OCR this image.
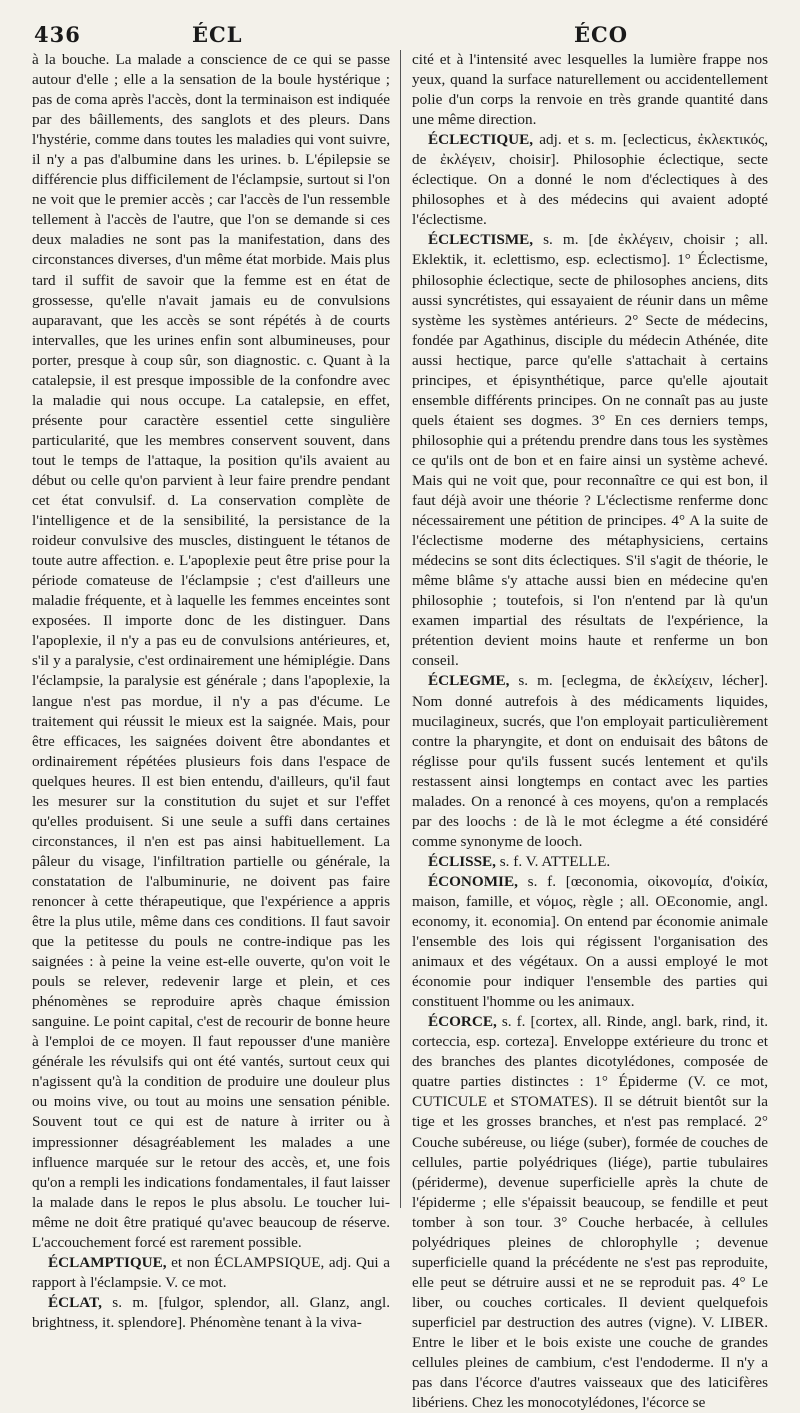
436	ÉCL	ÉCO

à la bouche. La malade a conscience de ce qui se passe autour d'elle ; elle a la sensation de la boule hystérique ; pas de coma après l'accès, dont la terminaison est indiquée par des bâillements, des sanglots et des pleurs. Dans l'hystérie, comme dans toutes les maladies qui vont suivre, il n'y a pas d'albumine dans les urines. b. L'épilepsie se différencie plus difficilement de l'éclampsie, surtout si l'on ne voit que le premier accès ; car l'accès de l'un ressemble tellement à l'accès de l'autre, que l'on se demande si ces deux maladies ne sont pas la manifestation, dans des circonstances diverses, d'un même état morbide. Mais plus tard il suffit de savoir que la femme est en état de grossesse, qu'elle n'avait jamais eu de convulsions auparavant, que les accès se sont répétés à de courts intervalles, que les urines enfin sont albumineuses, pour porter, presque à coup sûr, son diagnostic. c. Quant à la catalepsie, il est presque impossible de la confondre avec la maladie qui nous occupe. La catalepsie, en effet, présente pour caractère essentiel cette singulière particularité, que les membres conservent souvent, dans tout le temps de l'attaque, la position qu'ils avaient au début ou celle qu'on parvient à leur faire prendre pendant cet état convulsif. d. La conservation complète de l'intelligence et de la sensibilité, la persistance de la roideur convulsive des muscles, distinguent le tétanos de toute autre affection. e. L'apoplexie peut être prise pour la période comateuse de l'éclampsie ; c'est d'ailleurs une maladie fréquente, et à laquelle les femmes enceintes sont exposées. Il importe donc de les distinguer. Dans l'apoplexie, il n'y a pas eu de convulsions antérieures, et, s'il y a paralysie, c'est ordinairement une hémiplégie. Dans l'éclampsie, la paralysie est générale ; dans l'apoplexie, la langue n'est pas mordue, il n'y a pas d'écume. Le traitement qui réussit le mieux est la saignée. Mais, pour être efficaces, les saignées doivent être abondantes et ordinairement répétées plusieurs fois dans l'espace de quelques heures. Il est bien entendu, d'ailleurs, qu'il faut les mesurer sur la constitution du sujet et sur l'effet qu'elles produisent. Si une seule a suffi dans certaines circonstances, il n'en est pas ainsi habituellement. La pâleur du visage, l'infiltration partielle ou générale, la constatation de l'albuminurie, ne doivent pas faire renoncer à cette thérapeutique, que l'expérience a appris être la plus utile, même dans ces conditions. Il faut savoir que la petitesse du pouls ne contre-indique pas les saignées : à peine la veine est-elle ouverte, qu'on voit le pouls se relever, redevenir large et plein, et ces phénomènes se reproduire après chaque émission sanguine. Le point capital, c'est de recourir de bonne heure à l'emploi de ce moyen. Il faut repousser d'une manière générale les révulsifs qui ont été vantés, surtout ceux qui n'agissent qu'à la condition de produire une douleur plus ou moins vive, ou tout au moins une sensation pénible. Souvent tout ce qui est de nature à irriter ou à impressionner désagréablement les malades a une influence marquée sur le retour des accès, et, une fois qu'on a rempli les indications fondamentales, il faut laisser la malade dans le repos le plus absolu. Le toucher lui-même ne doit être pratiqué qu'avec beaucoup de réserve. L'accouchement forcé est rarement possible.

ÉCLAMPTIQUE, et non ÉCLAMPSIQUE, adj. Qui a rapport à l'éclampsie. V. ce mot.

ÉCLAT, s. m. [fulgor, splendor, all. Glanz, angl. brightness, it. splendore]. Phénomène tenant à la viva-

cité et à l'intensité avec lesquelles la lumière frappe nos yeux, quand la surface naturellement ou accidentellement polie d'un corps la renvoie en très grande quantité dans une même direction.

ÉCLECTIQUE, adj. et s. m. [eclecticus, ἐκλεκτικός, de ἐκλέγειν, choisir]. Philosophie éclectique, secte éclectique. On a donné le nom d'éclectiques à des philosophes et à des médecins qui avaient adopté l'éclectisme.

ÉCLECTISME, s. m. [de ἐκλέγειν, choisir ; all. Eklektik, it. eclettismo, esp. eclectismo]. 1° Éclectisme, philosophie éclectique, secte de philosophes anciens, dits aussi syncrétistes, qui essayaient de réunir dans un même système les systèmes antérieurs. 2° Secte de médecins, fondée par Agathinus, disciple du médecin Athénée, dite aussi hectique, parce qu'elle s'attachait à certains principes, et épisynthétique, parce qu'elle ajoutait ensemble différents principes. On ne connaît pas au juste quels étaient ses dogmes. 3° En ces derniers temps, philosophie qui a prétendu prendre dans tous les systèmes ce qu'ils ont de bon et en faire ainsi un système achevé. Mais qui ne voit que, pour reconnaître ce qui est bon, il faut déjà avoir une théorie ? L'éclectisme renferme donc nécessairement une pétition de principes. 4° A la suite de l'éclectisme moderne des métaphysiciens, certains médecins se sont dits éclectiques. S'il s'agit de théorie, le même blâme s'y attache aussi bien en médecine qu'en philosophie ; toutefois, si l'on n'entend par là qu'un examen impartial des résultats de l'expérience, la prétention devient moins haute et renferme un bon conseil.

ÉCLEGME, s. m. [eclegma, de ἐκλείχειν, lécher]. Nom donné autrefois à des médicaments liquides, mucilagineux, sucrés, que l'on employait particulièrement contre la pharyngite, et dont on enduisait des bâtons de réglisse pour qu'ils fussent sucés lentement et qu'ils restassent ainsi longtemps en contact avec les parties malades. On a renoncé à ces moyens, qu'on a remplacés par des loochs : de là le mot éclegme a été considéré comme synonyme de looch.

ÉCLISSE, s. f. V. ATTELLE.

ÉCONOMIE, s. f. [œconomia, οἰκονομία, d'οἰκία, maison, famille, et νόμος, règle ; all. OEconomie, angl. economy, it. economia]. On entend par économie animale l'ensemble des lois qui régissent l'organisation des animaux et des végétaux. On a aussi employé le mot économie pour indiquer l'ensemble des parties qui constituent l'homme ou les animaux.

ÉCORCE, s. f. [cortex, all. Rinde, angl. bark, rind, it. corteccia, esp. corteza]. Enveloppe extérieure du tronc et des branches des plantes dicotylédones, composée de quatre parties distinctes : 1° Épiderme (V. ce mot, CUTICULE et STOMATES). Il se détruit bientôt sur la tige et les grosses branches, et n'est pas remplacé. 2° Couche subéreuse, ou liége (suber), formée de couches de cellules, partie polyédriques (liége), partie tubulaires (périderme), devenue superficielle après la chute de l'épiderme ; elle s'épaissit beaucoup, se fendille et peut tomber à son tour. 3° Couche herbacée, à cellules polyédriques pleines de chlorophylle ; devenue superficielle quand la précédente ne s'est pas reproduite, elle peut se détruire aussi et ne se reproduit pas. 4° Le liber, ou couches corticales. Il devient quelquefois superficiel par destruction des autres (vigne). V. LIBER. Entre le liber et le bois existe une couche de grandes cellules pleines de cambium, c'est l'endoderme. Il n'y a pas dans l'écorce d'autres vaisseaux que des laticifères libériens. Chez les monocotylédones, l'écorce se
